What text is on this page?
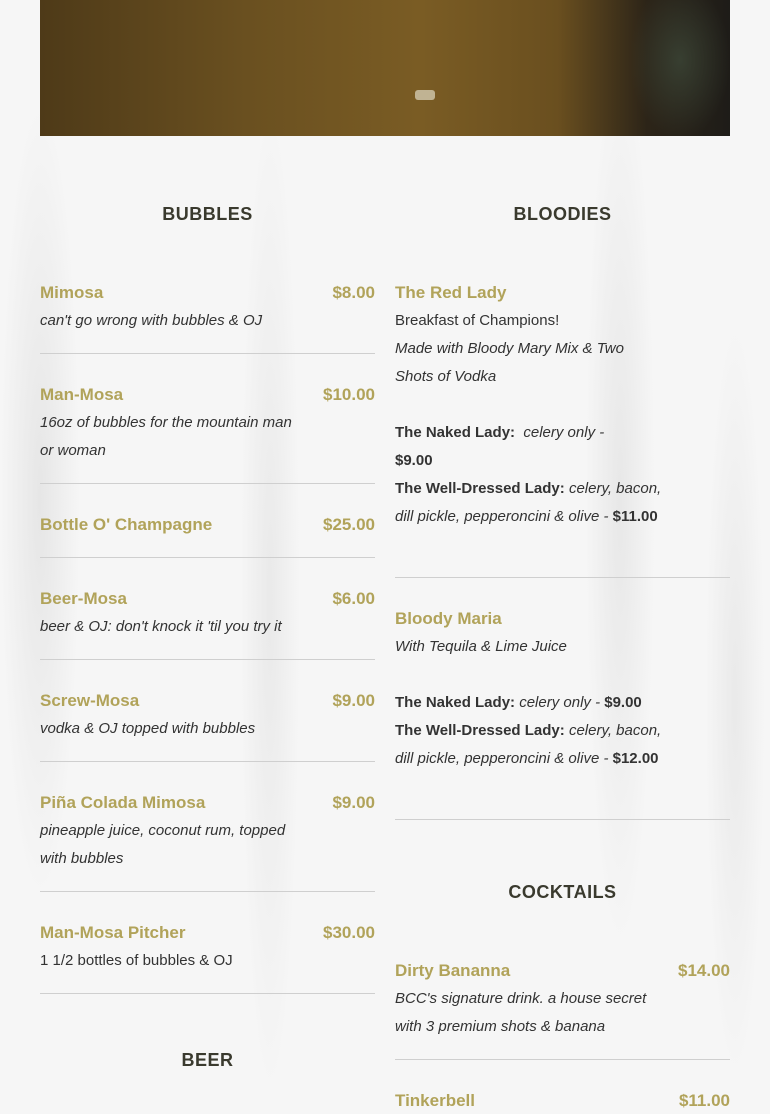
BUBBLES
Mimosa	$8.00
can't go wrong with bubbles & OJ
Man-Mosa	$10.00
16oz of bubbles for the mountain man or woman
Bottle O' Champagne	$25.00
Beer-Mosa	$6.00
beer & OJ: don't knock it 'til you try it
Screw-Mosa	$9.00
vodka & OJ topped with bubbles
Piña Colada Mimosa	$9.00
pineapple juice, coconut rum, topped with bubbles
Man-Mosa Pitcher	$30.00
1 1/2 bottles of bubbles & OJ
BEER
BLOODIES
The Red Lady
Breakfast of Champions!
Made with Bloody Mary Mix & Two Shots of Vodka
The Naked Lady: celery only - $9.00
The Well-Dressed Lady: celery, bacon, dill pickle, pepperoncini & olive - $11.00
Bloody Maria
With Tequila & Lime Juice
The Naked Lady: celery only - $9.00
The Well-Dressed Lady: celery, bacon, dill pickle, pepperoncini & olive - $12.00
COCKTAILS
Dirty Bananna	$14.00
BCC's signature drink. a house secret with 3 premium shots & banana
Tinkerbell	$11.00
